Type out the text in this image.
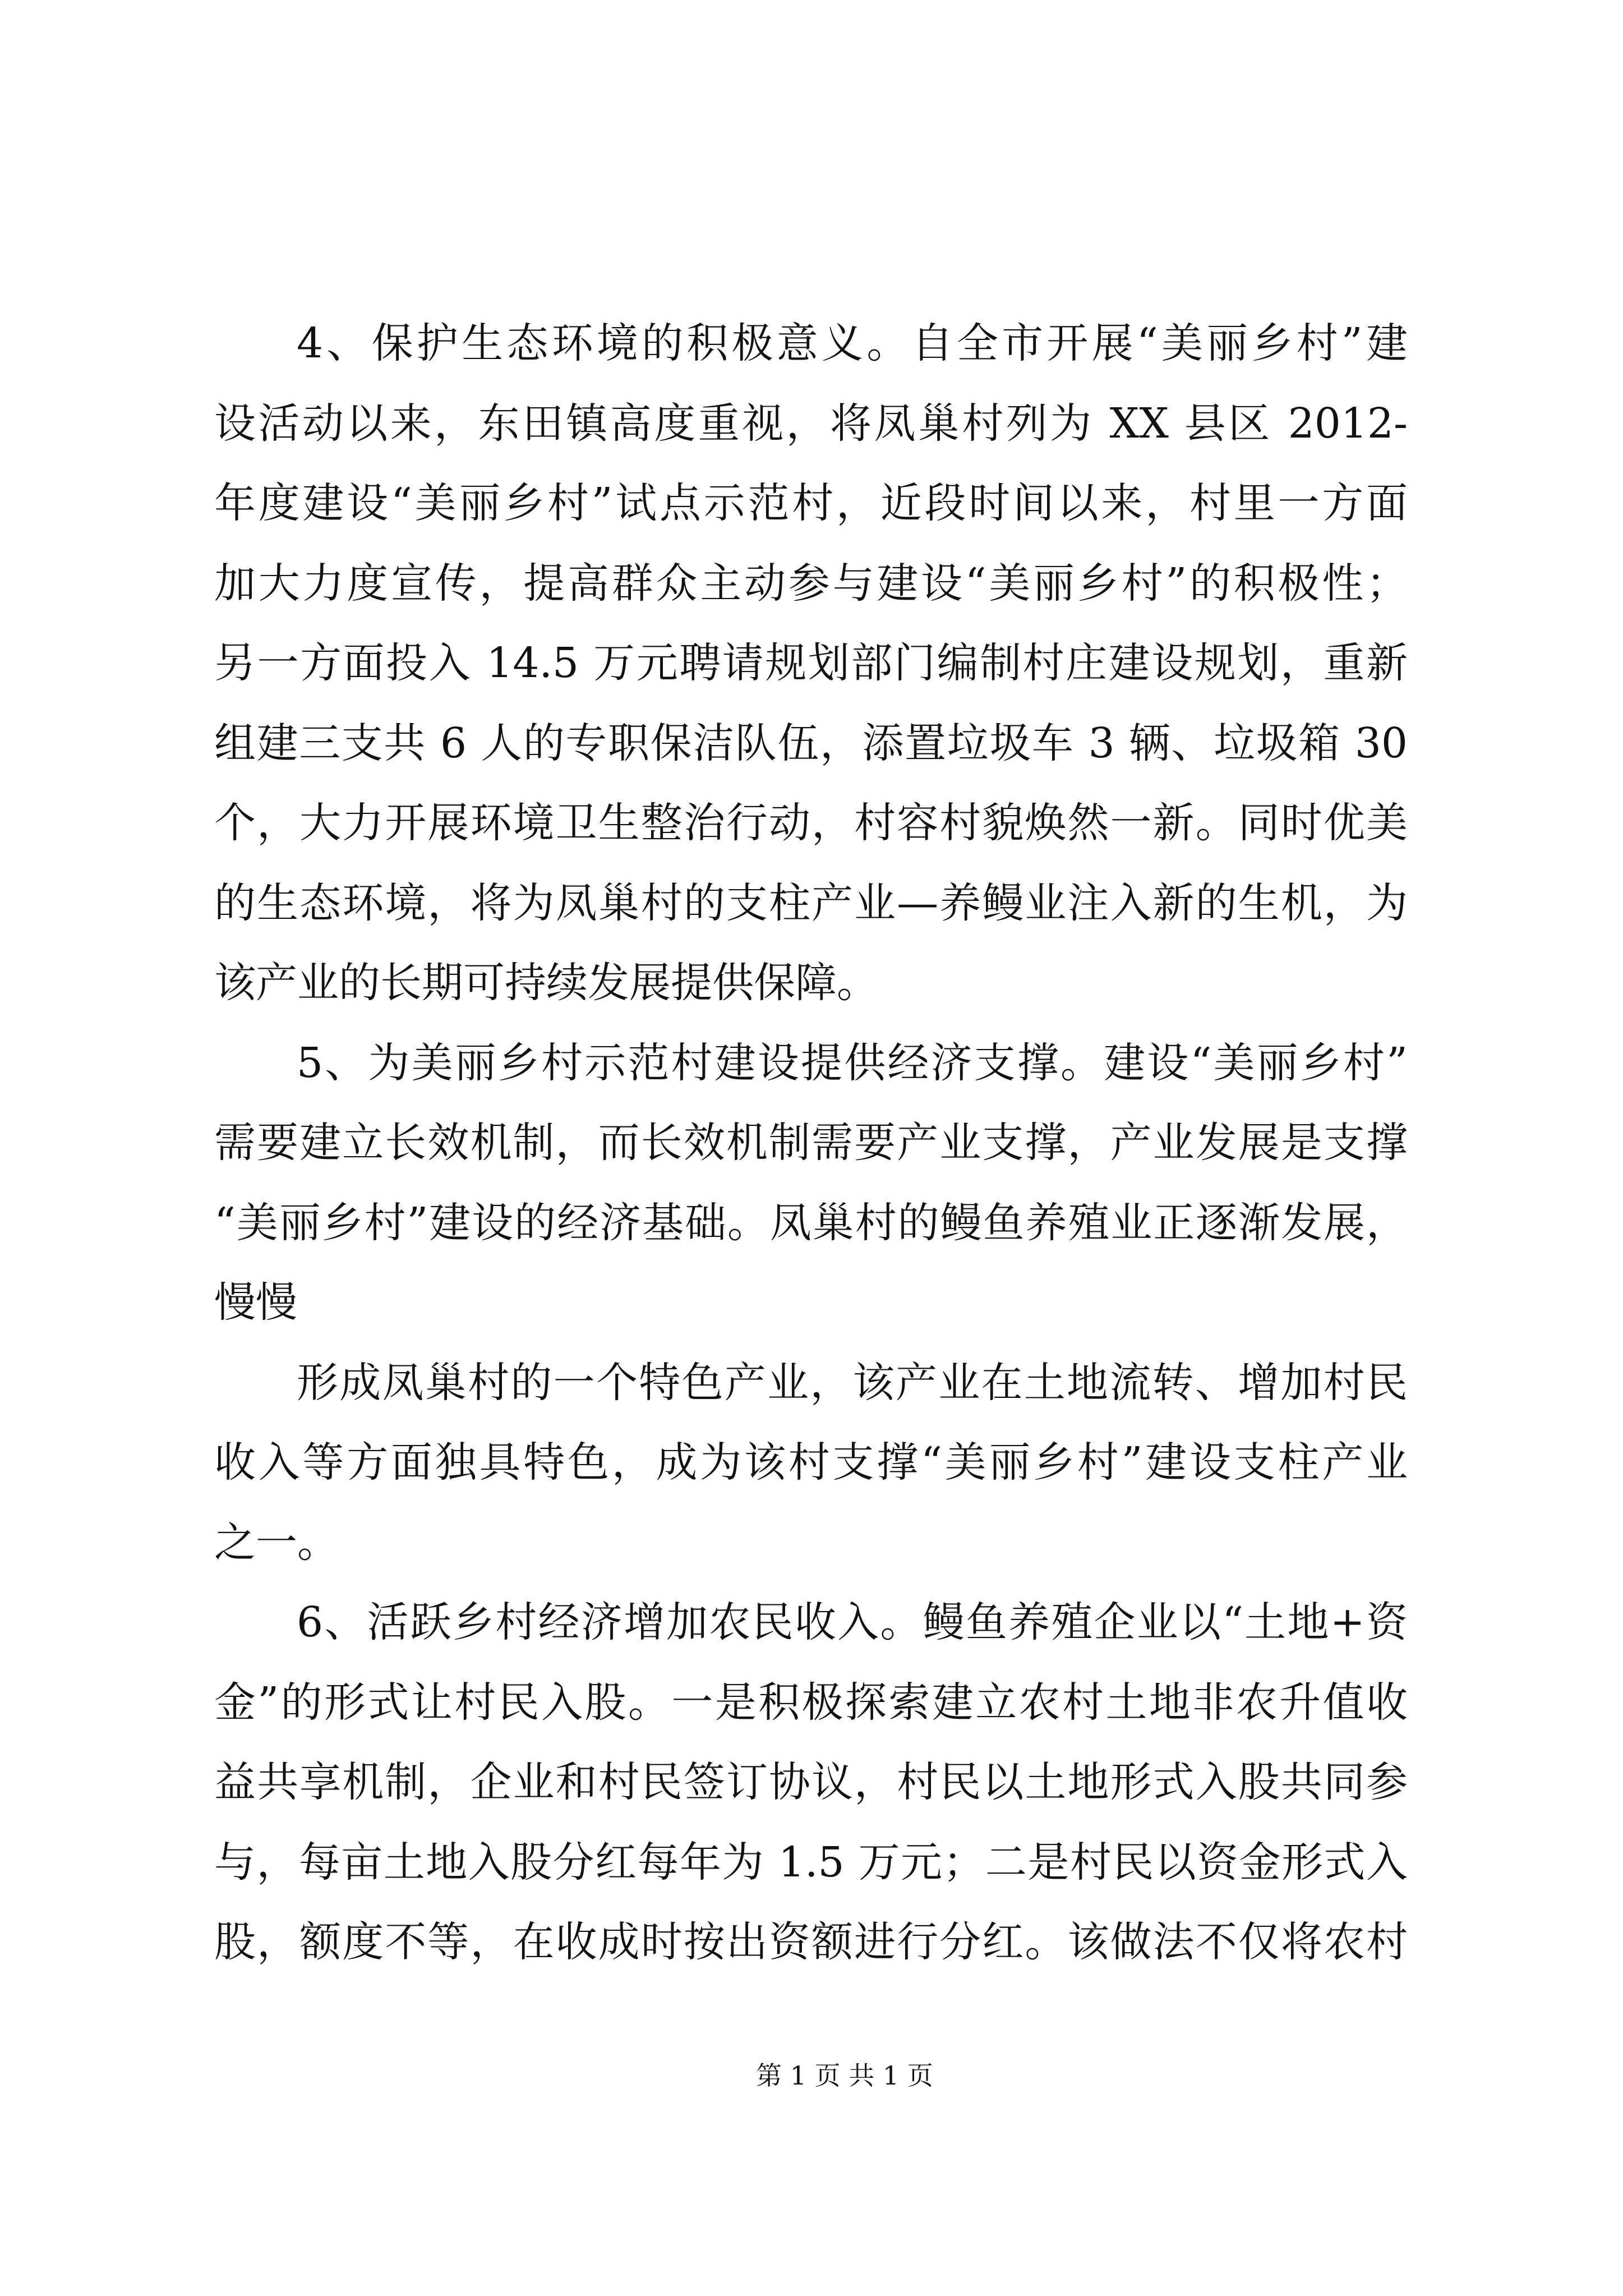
4、保护生态环境的积极意义。自全市开展“美丽乡村”建
设活动以来，东田镇高度重视，将凤巢村列为 XX 县区 2012-
年度建设“美丽乡村”试点示范村，近段时间以来，村里一方面
加大力度宣传，提高群众主动参与建设“美丽乡村”的积极性；
另一方面投入 14.5 万元聘请规划部门编制村庄建设规划，重新
组建三支共 6 人的专职保洁队伍，添置垃圾车 3 辆、垃圾箱 30
个，大力开展环境卫生整治行动，村容村貌焕然一新。同时优美
的生态环境，将为凤巢村的支柱产业—养鳗业注入新的生机，为
该产业的长期可持续发展提供保障。
5、为美丽乡村示范村建设提供经济支撑。建设“美丽乡村”
需要建立长效机制，而长效机制需要产业支撑，产业发展是支撑
“美丽乡村”建设的经济基础。凤巢村的鳗鱼养殖业正逐渐发展，
慢慢
形成凤巢村的一个特色产业，该产业在土地流转、增加村民
收入等方面独具特色，成为该村支撑“美丽乡村”建设支柱产业
之一。
6、活跃乡村经济增加农民收入。鳗鱼养殖企业以“土地+资
金”的形式让村民入股。一是积极探索建立农村土地非农升值收
益共享机制，企业和村民签订协议，村民以土地形式入股共同参
与，每亩土地入股分红每年为 1.5 万元；二是村民以资金形式入
股，额度不等，在收成时按出资额进行分红。该做法不仅将农村
第 1 页 共 1 页
